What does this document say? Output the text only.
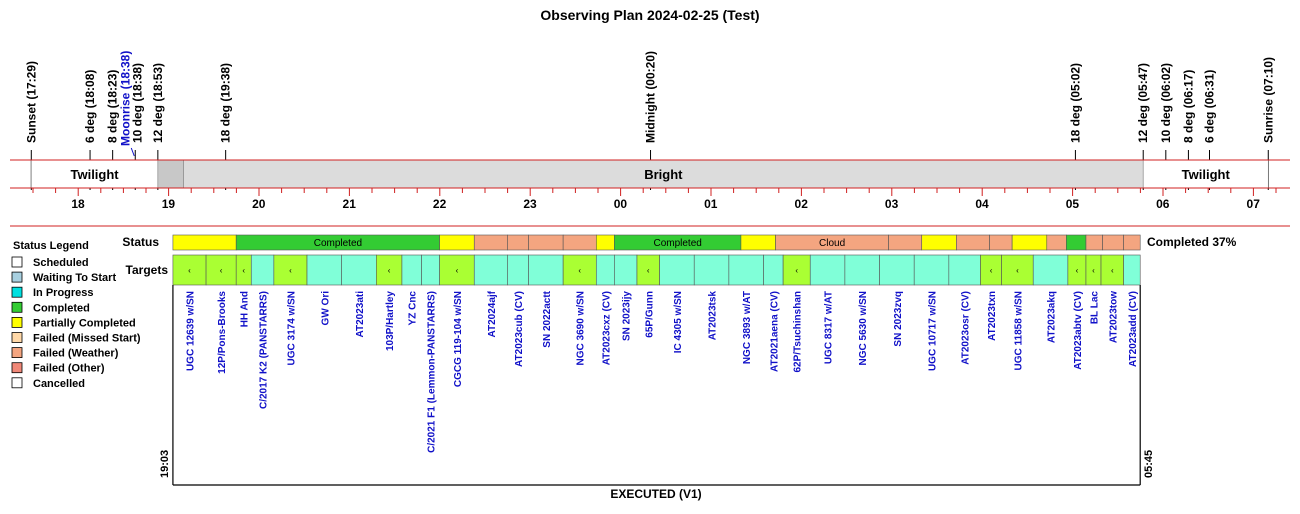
Observing Plan 2024-02-25 (Test)
Sunset (17:29)	6 deg (18:08) 8 deg (18:23)
Moonrise (18:38)
10 deg (18:38) 12 deg (18:53)	18 deg (19:38)	Midnight (00:20)	18 deg (05:02)	12 deg (05:47) 10 deg (06:02) 8 deg (06:17) 6 deg (06:31)	Sunrise (07:10)
Twilight	Bright	Twilight
18	19	20	21	22	23	00	01	02	03	04	05	06	07
Status Legend
Scheduled
Waiting To Start
In Progress
Completed
Partially Completed
Failed (Missed Start)
Failed (Weather)
Failed (Other)
Cancelled
Status
Targets
Completed	Completed	Cloud	Completed 37%
‹
UGC 12639 w/SN
‹
12P/Pons-Brooks
‹
HH And C/2017 K2 (PANSTARRS)
‹
UGC 3174 w/SN GW Ori AT2023ati
‹
103P/Hartley YZ Cnc C/2021 F1 (Lemmon-PANSTARRS)
‹
CGCG 119-104 w/SN AT2024ajf AT2023cub (CV) SN 2022actt
‹
NGC 3690 w/SN AT2023cxz (CV) SN 2023ijy
‹
65P/Gunn IC 4305 w/SN AT2023tsk NGC 3893 w/AT AT2021aena (CV)
‹
62P/Tsuchinshan UGC 8317 w/AT NGC 5630 w/SN SN 2023zvq UGC 10717 w/SN AT2023osr (CV)
‹
AT2023txn
‹
UGC 11858 w/SN AT2023akq
‹
AT2023abtv (CV)
‹
BL Lac
‹
AT2023tow AT2023add (CV)
19:03	05:45
EXECUTED (V1)
